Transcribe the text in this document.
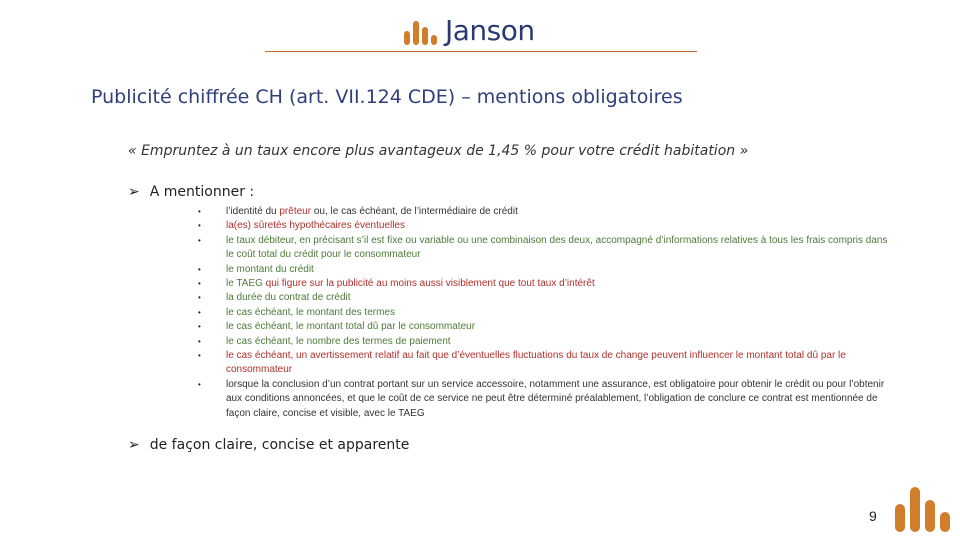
Janson
Publicité chiffrée CH (art. VII.124 CDE) – mentions obligatoires
« Empruntez à un taux encore plus avantageux de 1,45 % pour votre crédit habitation »
➢ A mentionner :
•	l’identité du prêteur ou, le cas échéant, de l’intermédiaire de crédit
•	la(es) sûretés hypothécaires éventuelles
•	le taux débiteur, en précisant s’il est fixe ou variable ou une combinaison des deux, accompagné d’informations relatives à tous les frais compris dans le coût total du crédit pour le consommateur
•	le montant du crédit
•	le TAEG qui figure sur la publicité au moins aussi visiblement que tout taux d’intérêt
•	la durée du contrat de crédit
•	le cas échéant, le montant des termes
•	le cas échéant, le montant total dû par le consommateur
•	le cas échéant, le nombre des termes de paiement
•	le cas échéant, un avertissement relatif au fait que d’éventuelles fluctuations du taux de change peuvent influencer le montant total dû par le consommateur
•	lorsque la conclusion d’un contrat portant sur un service accessoire, notamment une assurance, est obligatoire pour obtenir le crédit ou pour l’obtenir aux conditions annoncées, et que le coût de ce service ne peut être déterminé préalablement, l’obligation de conclure ce contrat est mentionnée de façon claire, concise et visible, avec le TAEG
➢ de façon claire, concise et apparente
9
